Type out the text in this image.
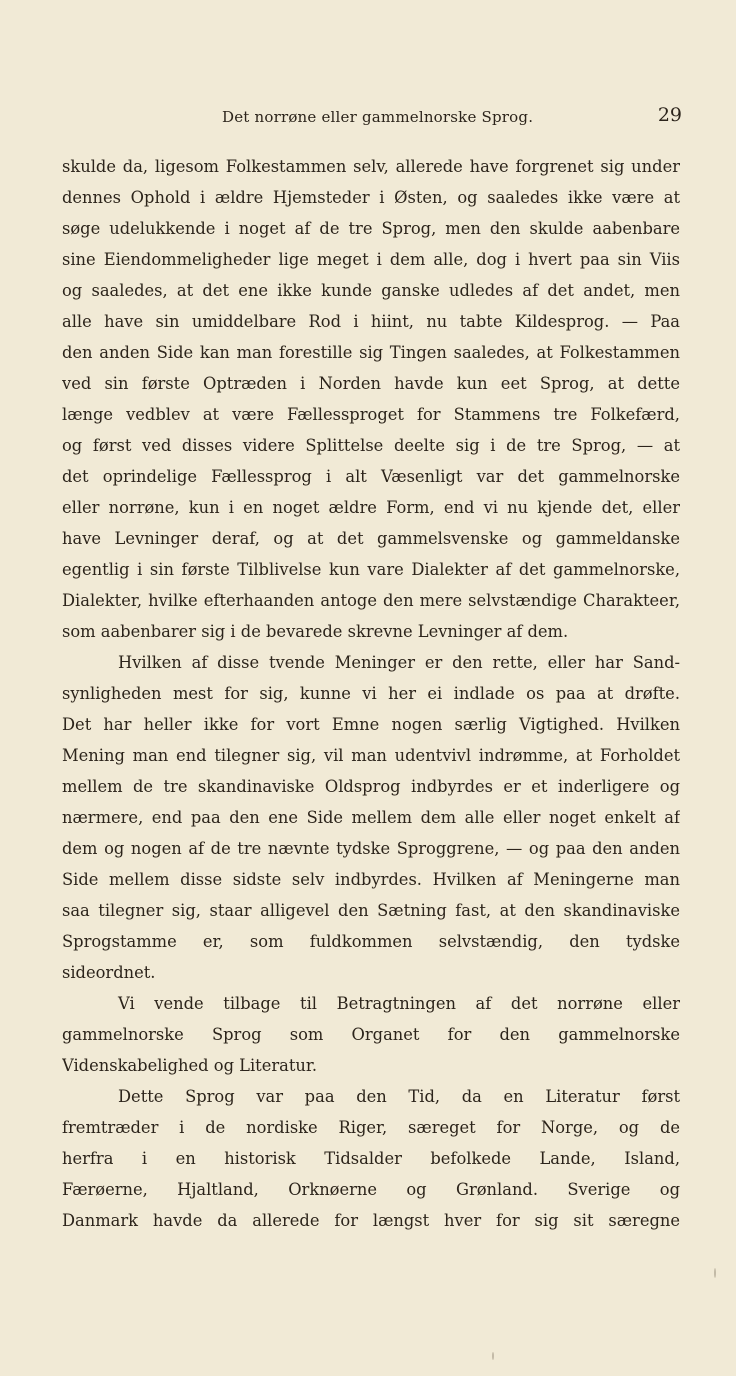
Det norrøne eller gammelnorske Sprog.	29
skulde da, ligesom Folkestammen selv, allerede have forgrenet sig under
dennes Ophold i ældre Hjemsteder i Østen, og saaledes ikke være at
søge udelukkende i noget af de tre Sprog, men den skulde aabenbare
sine Eiendommeligheder lige meget i dem alle, dog i hvert paa sin Viis
og saaledes, at det ene ikke kunde ganske udledes af det andet, men
alle have sin umiddelbare Rod i hiint, nu tabte Kildesprog. — Paa
den anden Side kan man forestille sig Tingen saaledes, at Folkestammen
ved sin første Optræden i Norden havde kun eet Sprog, at dette
længe vedblev at være Fællessproget for Stammens tre Folkefærd,
og først ved disses videre Splittelse deelte sig i de tre Sprog, — at
det oprindelige Fællessprog i alt Væsenligt var det gammelnorske
eller norrøne, kun i en noget ældre Form, end vi nu kjende det, eller
have Levninger deraf, og at det gammelsvenske og gammeldanske
egentlig i sin første Tilblivelse kun vare Dialekter af det gammelnorske,
Dialekter, hvilke efterhaanden antoge den mere selvstændige Charakteer,
som aabenbarer sig i de bevarede skrevne Levninger af dem.
Hvilken af disse tvende Meninger er den rette, eller har Sand-
synligheden mest for sig, kunne vi her ei indlade os paa at drøfte.
Det har heller ikke for vort Emne nogen særlig Vigtighed. Hvilken
Mening man end tilegner sig, vil man udentvivl indrømme, at Forholdet
mellem de tre skandinaviske Oldsprog indbyrdes er et inderligere og
nærmere, end paa den ene Side mellem dem alle eller noget enkelt af
dem og nogen af de tre nævnte tydske Sproggrene, — og paa den anden
Side mellem disse sidste selv indbyrdes. Hvilken af Meningerne man
saa tilegner sig, staar alligevel den Sætning fast, at den skandinaviske
Sprogstamme er, som fuldkommen selvstændig, den tydske
sideordnet.
Vi vende tilbage til Betragtningen af det norrøne eller
gammelnorske Sprog som Organet for den gammelnorske
Videnskabelighed og Literatur.
Dette Sprog var paa den Tid, da en Literatur først
fremtræder i de nordiske Riger, særeget for Norge, og de
herfra i en historisk Tidsalder befolkede Lande, Island,
Færøerne, Hjaltland, Orknøerne og Grønland. Sverige og
Danmark havde da allerede for længst hver for sig sit særegne
